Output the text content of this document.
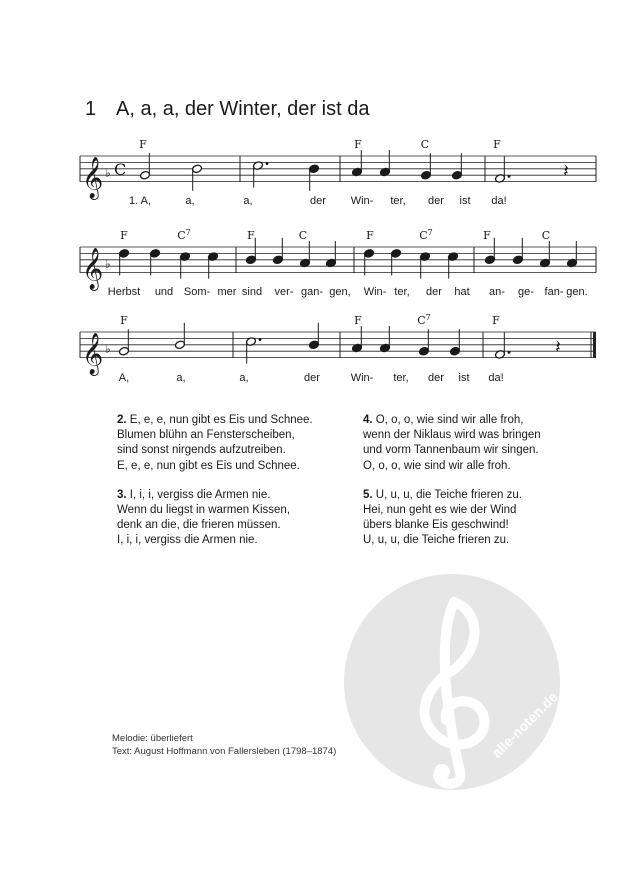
1 A, a, a, der Winter, der ist da
𝄞 ♭ C
F	F	C	F
𝄽
1. A,	a,	a,	der Win- ter, der ist da!
𝄞 ♭
F	$C^7$	F	C	F	$C^7$	F	C
Herbst und Som- mer sind ver- gan- gen, Win- ter, der hat an- ge- fan- gen.
𝄞 ♭
F	F	$C^7$	F
𝄽
A,	a,	a,	der	Win- ter, der ist da!
2. E, e, e, nun gibt es Eis und Schnee.
Blumen blühn an Fensterscheiben,
sind sonst nirgends aufzutreiben.
E, e, e, nun gibt es Eis und Schnee.
3. I, i, i, vergiss die Armen nie.
Wenn du liegst in warmen Kissen,
denk an die, die frieren müssen.
I, i, i, vergiss die Armen nie.
4. O, o, o, wie sind wir alle froh,
wenn der Niklaus wird was bringen
und vorm Tannenbaum wir singen.
O, o, o, wie sind wir alle froh.
5. U, u, u, die Teiche frieren zu.
Hei, nun geht es wie der Wind
übers blanke Eis geschwind!
U, u, u, die Teiche frieren zu.
alle-noten.de
Melodie: überliefert
Text: August Hoffmann von Fallersleben (1798–1874)
